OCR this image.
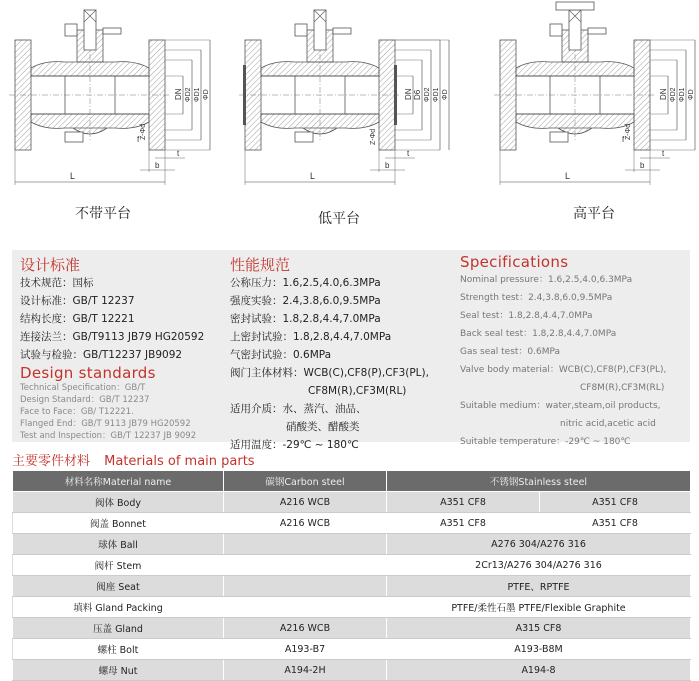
L
b
t
f Z-Φd
DN ΦD2 ΦD1 ΦD
不带平台
L
b
t
Z-Φd
DN D6 ΦD2 ΦD1 ΦD
低平台
L
b
t
f Z-Φd
DN ΦD2 ΦD1 ΦD
高平台
设计标准
技术规范：国标
设计标准：GB/T 12237
结构长度：GB/T 12221
连接法兰：GB/T9113 JB79 HG20592
试验与检验：GB/T12237 JB9092
Design standards
Technical Specification：GB/T
Design Standard：GB/T 12237
Face to Face：GB/ T12221.
Flanged End：GB/T 9113 JB79 HG20592
Test and Inspection：GB/T 12237 JB 9092
性能规范
公称压力：1.6,2.5,4.0,6.3MPa
强度实验：2.4,3.8,6.0,9.5MPa
密封试验：1.8,2.8,4.4,7.0MPa
上密封试验：1.8,2.8,4.4,7.0MPa
气密封试验：0.6MPa
阀门主体材料：WCB(C),CF8(P),CF3(PL),
CF8M(R),CF3M(RL)
适用介质：水、蒸汽、油品、
硝酸类、醋酸类
适用温度：-29℃ ~ 180℃
Specifications
Nominal pressure：1.6,2.5,4.0,6.3MPa
Strength test：2.4,3.8,6.0,9.5MPa
Seal test：1.8,2.8,4.4,7.0MPa
Back seal test：1.8,2.8,4.4,7.0MPa
Gas seal test：0.6MPa
Valve body material：WCB(C),CF8(P),CF3(PL),
CF8M(R),CF3M(RL)
Suitable medium：water,steam,oil products,
nitric acid,acetic acid
Suitable temperature：-29℃ ~ 180℃
主要零件材料 Materials of main parts
材料名称Material name	碳钢Carbon steel	不锈钢Stainless steel	
阀体 Body	A216 WCB	A351 CF8	A351 CF8
阀盖 Bonnet	A216 WCB	A351 CF8	A351 CF8
球体 Ball		A276 304/A276 316	
阀杆 Stem		2Cr13/A276 304/A276 316	
阀座 Seat		PTFE、RPTFE	
填料 Gland Packing		PTFE/柔性石墨 PTFE/Flexible Graphite	
压盖 Gland	A216 WCB	A315 CF8	
螺柱 Bolt	A193-B7	A193-B8M	
螺母 Nut	A194-2H	A194-8	
